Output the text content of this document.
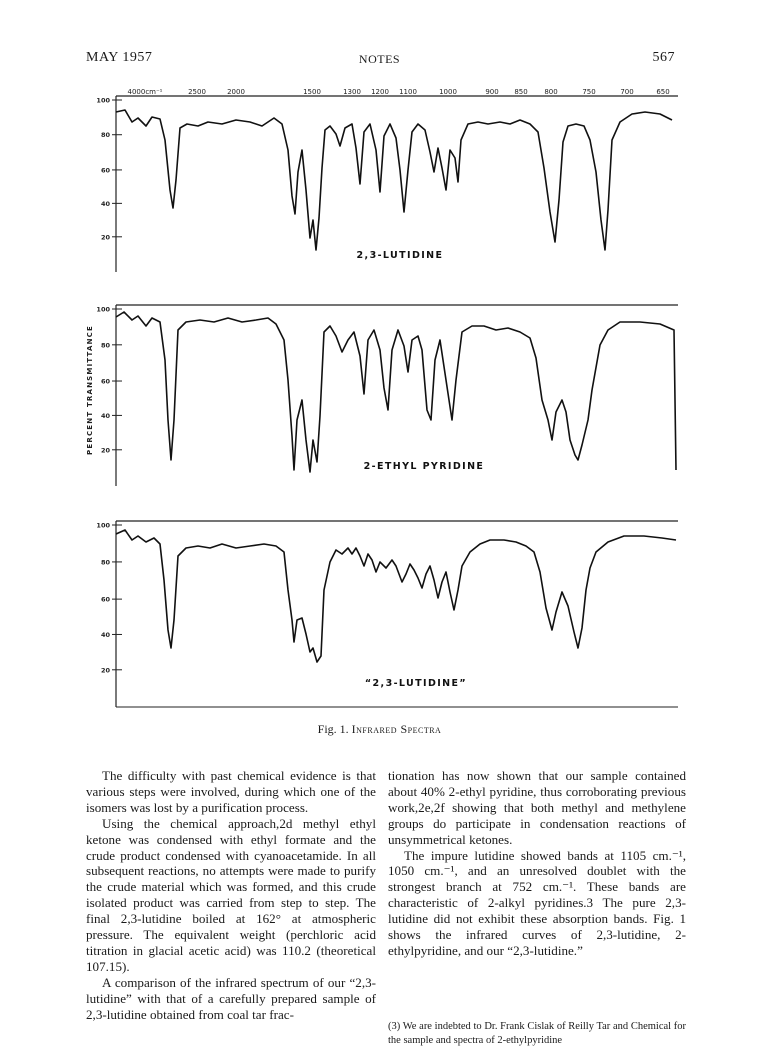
MAY 1957	NOTES	567
4000cm⁻¹	2500	2000	1500	1300 1200 1100	1000	900 850 800	750	700	650
100
80
60
40
20
2,3-LUTIDINE
100
80
60
40
20
2-ETHYL PYRIDINE
100
80
60
40
20
“2,3-LUTIDINE”
PERCENT TRANSMITTANCE
Fig. 1. Infrared Spectra

The difficulty with past chemical evidence is that various steps were involved, during which one of the isomers was lost by a purification process.

Using the chemical approach,2d methyl ethyl ketone was condensed with ethyl formate and the crude product condensed with cyanoacetamide. In all subsequent reactions, no attempts were made to purify the crude material which was formed, and this crude isolated product was carried from step to step. The final 2,3-lutidine boiled at 162° at atmospheric pressure. The equivalent weight (perchloric acid titration in glacial acetic acid) was 110.2 (theoretical 107.15).

A comparison of the infrared spectrum of our “2,3-lutidine” with that of a carefully prepared sample of 2,3-lutidine obtained from coal tar frac-

tionation has now shown that our sample contained about 40% 2-ethyl pyridine, thus corroborating previous work,2e,2f showing that both methyl and methylene groups do participate in condensation reactions of unsymmetrical ketones.

The impure lutidine showed bands at 1105 cm.⁻¹, 1050 cm.⁻¹, and an unresolved doublet with the strongest branch at 752 cm.⁻¹. These bands are characteristic of 2-alkyl pyridines.3 The pure 2,3-lutidine did not exhibit these absorption bands. Fig. 1 shows the infrared curves of 2,3-lutidine, 2-ethylpyridine, and our “2,3-lutidine.”

(3) We are indebted to Dr. Frank Cislak of Reilly Tar and Chemical for the sample and spectra of 2-ethylpyridine
